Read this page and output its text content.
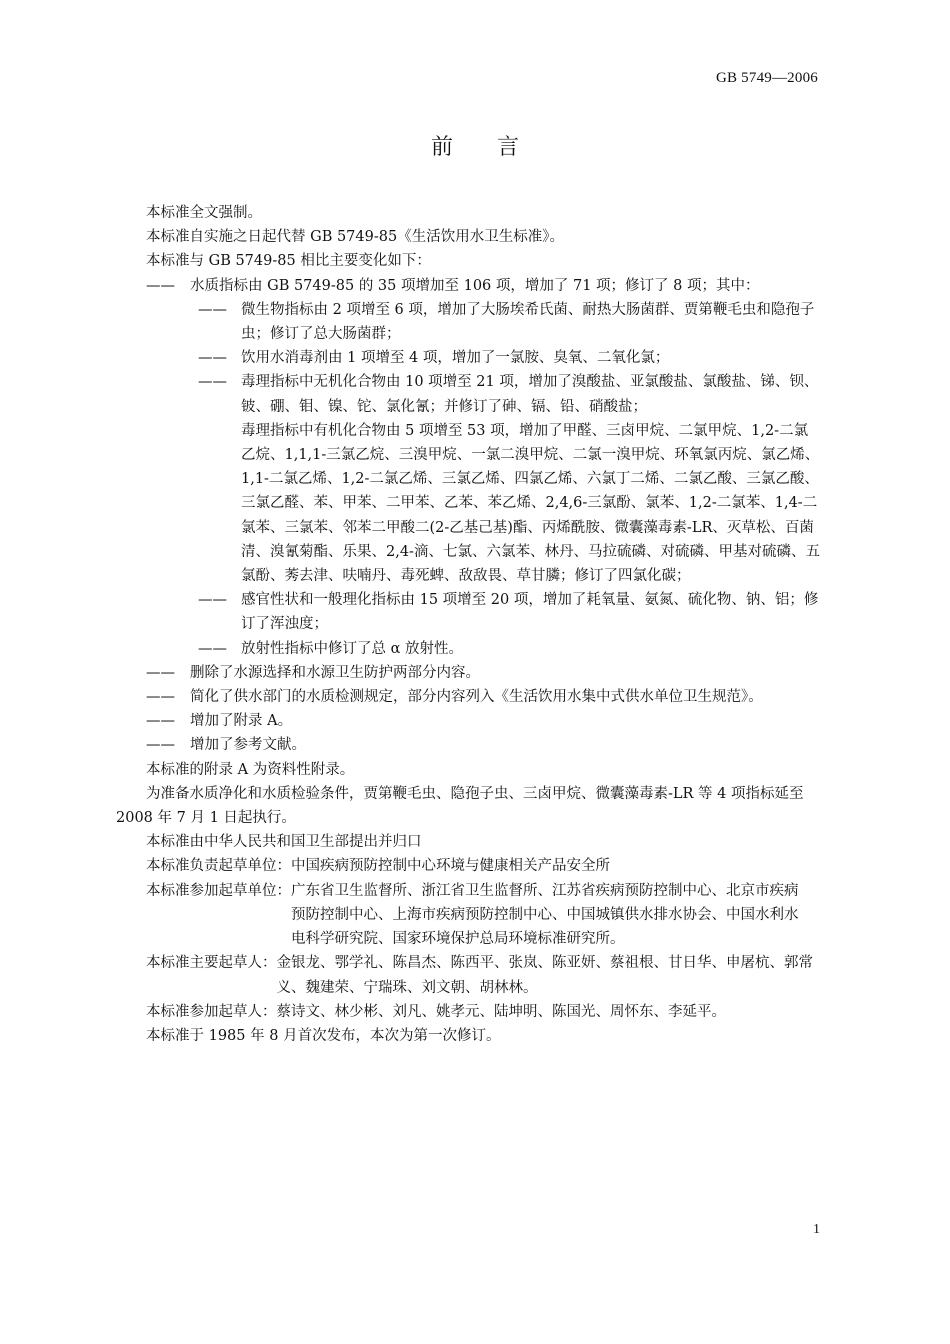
GB 5749—2006
前言

本标准全文强制。

本标准自实施之日起代替 GB 5749-85《生活饮用水卫生标准》。

本标准与 GB 5749-85 相比主要变化如下：

——	水质指标由 GB 5749-85 的 35 项增加至 106 项，增加了 71 项；修订了 8 项；其中：
—— 微生物指标由 2 项增至 6 项，增加了大肠埃希氏菌、耐热大肠菌群、贾第鞭毛虫和隐孢子虫；修订了总大肠菌群；
—— 饮用水消毒剂由 1 项增至 4 项，增加了一氯胺、臭氧、二氧化氯；
—— 毒理指标中无机化合物由 10 项增至 21 项，增加了溴酸盐、亚氯酸盐、氯酸盐、锑、钡、铍、硼、钼、镍、铊、氯化氰；并修订了砷、镉、铅、硝酸盐；
毒理指标中有机化合物由 5 项增至 53 项，增加了甲醛、三卤甲烷、二氯甲烷、1,2-二氯乙烷、1,1,1-三氯乙烷、三溴甲烷、一氯二溴甲烷、二氯一溴甲烷、环氧氯丙烷、氯乙烯、1,1-二氯乙烯、1,2-二氯乙烯、三氯乙烯、四氯乙烯、六氯丁二烯、二氯乙酸、三氯乙酸、三氯乙醛、苯、甲苯、二甲苯、乙苯、苯乙烯、2,4,6-三氯酚、氯苯、1,2-二氯苯、1,4-二氯苯、三氯苯、邻苯二甲酸二(2-乙基己基)酯、丙烯酰胺、微囊藻毒素-LR、灭草松、百菌清、溴氰菊酯、乐果、2,4-滴、七氯、六氯苯、林丹、马拉硫磷、对硫磷、甲基对硫磷、五氯酚、莠去津、呋喃丹、毒死蜱、敌敌畏、草甘膦；修订了四氯化碳；
—— 感官性状和一般理化指标由 15 项增至 20 项，增加了耗氧量、氨氮、硫化物、钠、铝；修订了浑浊度；
—— 放射性指标中修订了总 α 放射性。
——	删除了水源选择和水源卫生防护两部分内容。
——	简化了供水部门的水质检测规定，部分内容列入《生活饮用水集中式供水单位卫生规范》。
——	增加了附录 A。
——	增加了参考文献。

本标准的附录 A 为资料性附录。

为准备水质净化和水质检验条件，贾第鞭毛虫、隐孢子虫、三卤甲烷、微囊藻毒素-LR 等 4 项指标延至 2008 年 7 月 1 日起执行。

本标准由中华人民共和国卫生部提出并归口

本标准负责起草单位： 中国疾病预防控制中心环境与健康相关产品安全所
本标准参加起草单位： 广东省卫生监督所、浙江省卫生监督所、江苏省疾病预防控制中心、北京市疾病预防控制中心、上海市疾病预防控制中心、中国城镇供水排水协会、中国水利水电科学研究院、国家环境保护总局环境标准研究所。
本标准主要起草人： 金银龙、鄂学礼、陈昌杰、陈西平、张岚、陈亚妍、蔡祖根、甘日华、申屠杭、郭常义、魏建荣、宁瑞珠、刘文朝、胡林林。
本标准参加起草人： 蔡诗文、林少彬、刘凡、姚孝元、陆坤明、陈国光、周怀东、李延平。

本标准于 1985 年 8 月首次发布，本次为第一次修订。

1
